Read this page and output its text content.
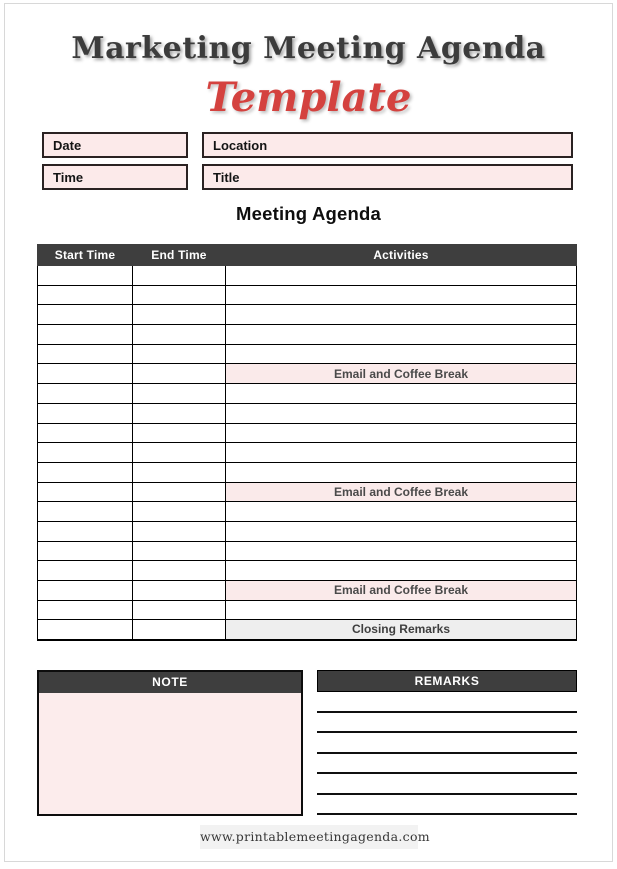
Marketing Meeting Agenda
Template
Date	Location
Time	Title
Meeting Agenda
Start Time	End Time	Activities

		Email and Coffee Break

		Email and Coffee Break

		Email and Coffee Break

		Closing Remarks
NOTE	REMARKS
www.printablemeetingagenda.com
